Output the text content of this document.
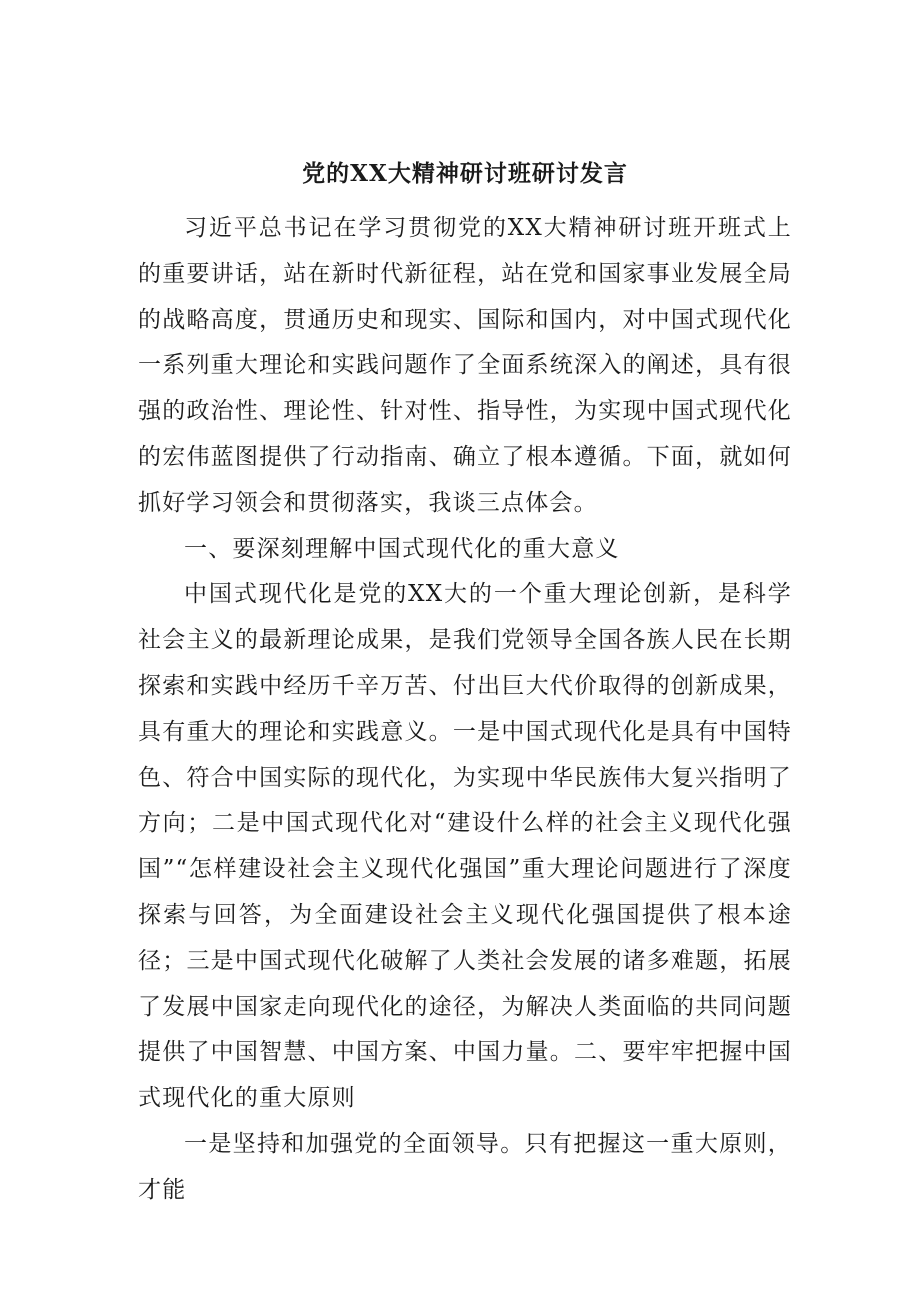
党的XX大精神研讨班研讨发言

习近平总书记在学习贯彻党的XX大精神研讨班开班式上的重要讲话，站在新时代新征程，站在党和国家事业发展全局的战略高度，贯通历史和现实、国际和国内，对中国式现代化一系列重大理论和实践问题作了全面系统深入的阐述，具有很强的政治性、理论性、针对性、指导性，为实现中国式现代化的宏伟蓝图提供了行动指南、确立了根本遵循。下面，就如何抓好学习领会和贯彻落实，我谈三点体会。

一、要深刻理解中国式现代化的重大意义

中国式现代化是党的XX大的一个重大理论创新，是科学社会主义的最新理论成果，是我们党领导全国各族人民在长期探索和实践中经历千辛万苦、付出巨大代价取得的创新成果，具有重大的理论和实践意义。一是中国式现代化是具有中国特色、符合中国实际的现代化，为实现中华民族伟大复兴指明了方向；二是中国式现代化对“建设什么样的社会主义现代化强国”“怎样建设社会主义现代化强国”重大理论问题进行了深度探索与回答，为全面建设社会主义现代化强国提供了根本途径；三是中国式现代化破解了人类社会发展的诸多难题，拓展了发展中国家走向现代化的途径，为解决人类面临的共同问题提供了中国智慧、中国方案、中国力量。二、要牢牢把握中国式现代化的重大原则

一是坚持和加强党的全面领导。只有把握这一重大原则，才能
